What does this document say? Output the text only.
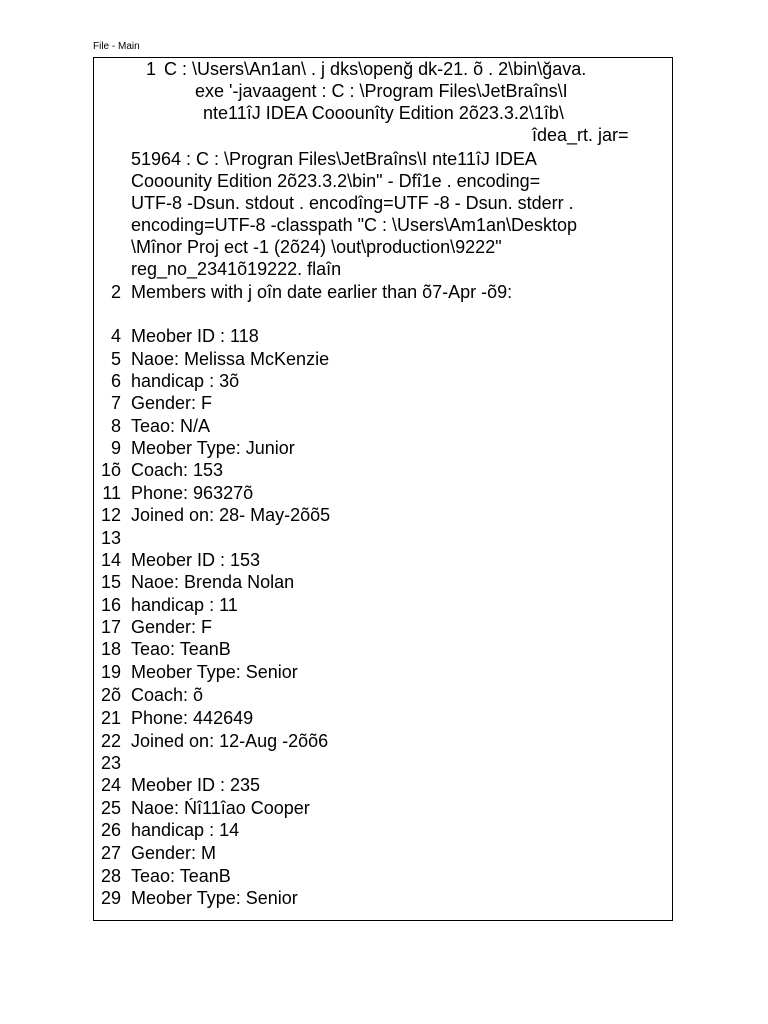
File - Main
1 C : \Users\An1an\ . j dks\openğ dk-21. õ . 2\bin\ğava.
exe '-javaagent : C : \Program Files\JetBraîns\I
nte11îJ IDEA Cooounîty Edition 2õ23.3.2\1îb\
îdea_rt. jar=
51964 : C : \Progran Files\JetBraîns\I nte11îJ IDEA
Cooounity Edition 2õ23.3.2\bin" - Dfî1e . encoding=
UTF-8 -Dsun. stdout . encodîng=UTF -8 - Dsun. stderr .
encoding=UTF-8 -classpath "C : \Users\Am1an\Desktop
\Mînor Proj ect -1 (2õ24) \out\production\9222"
reg_no_2341õ19222. flaîn
2 Members with j oîn date earlier than õ7-Apr -õ9:
4 Meober ID : 118
5 Naoe: Melissa McKenzie
6 handicap : 3õ
7 Gender: F
8 Teao: N/A
9 Meober Type: Junior
1õ Coach: 153
11 Phone: 96327õ
12 Joined on: 28- May-2õõ5
13
14 Meober ID : 153
15 Naoe: Brenda Nolan
16 handicap : 11
17 Gender: F
18 Teao: TeanB
19 Meober Type: Senior
2õ Coach: õ
21 Phone: 442649
22 Joined on: 12-Aug -2õõ6
23
24 Meober ID : 235
25 Naoe: Ńî11îao Cooper
26 handicap : 14
27 Gender: M
28 Teao: TeanB
29 Meober Type: Senior
